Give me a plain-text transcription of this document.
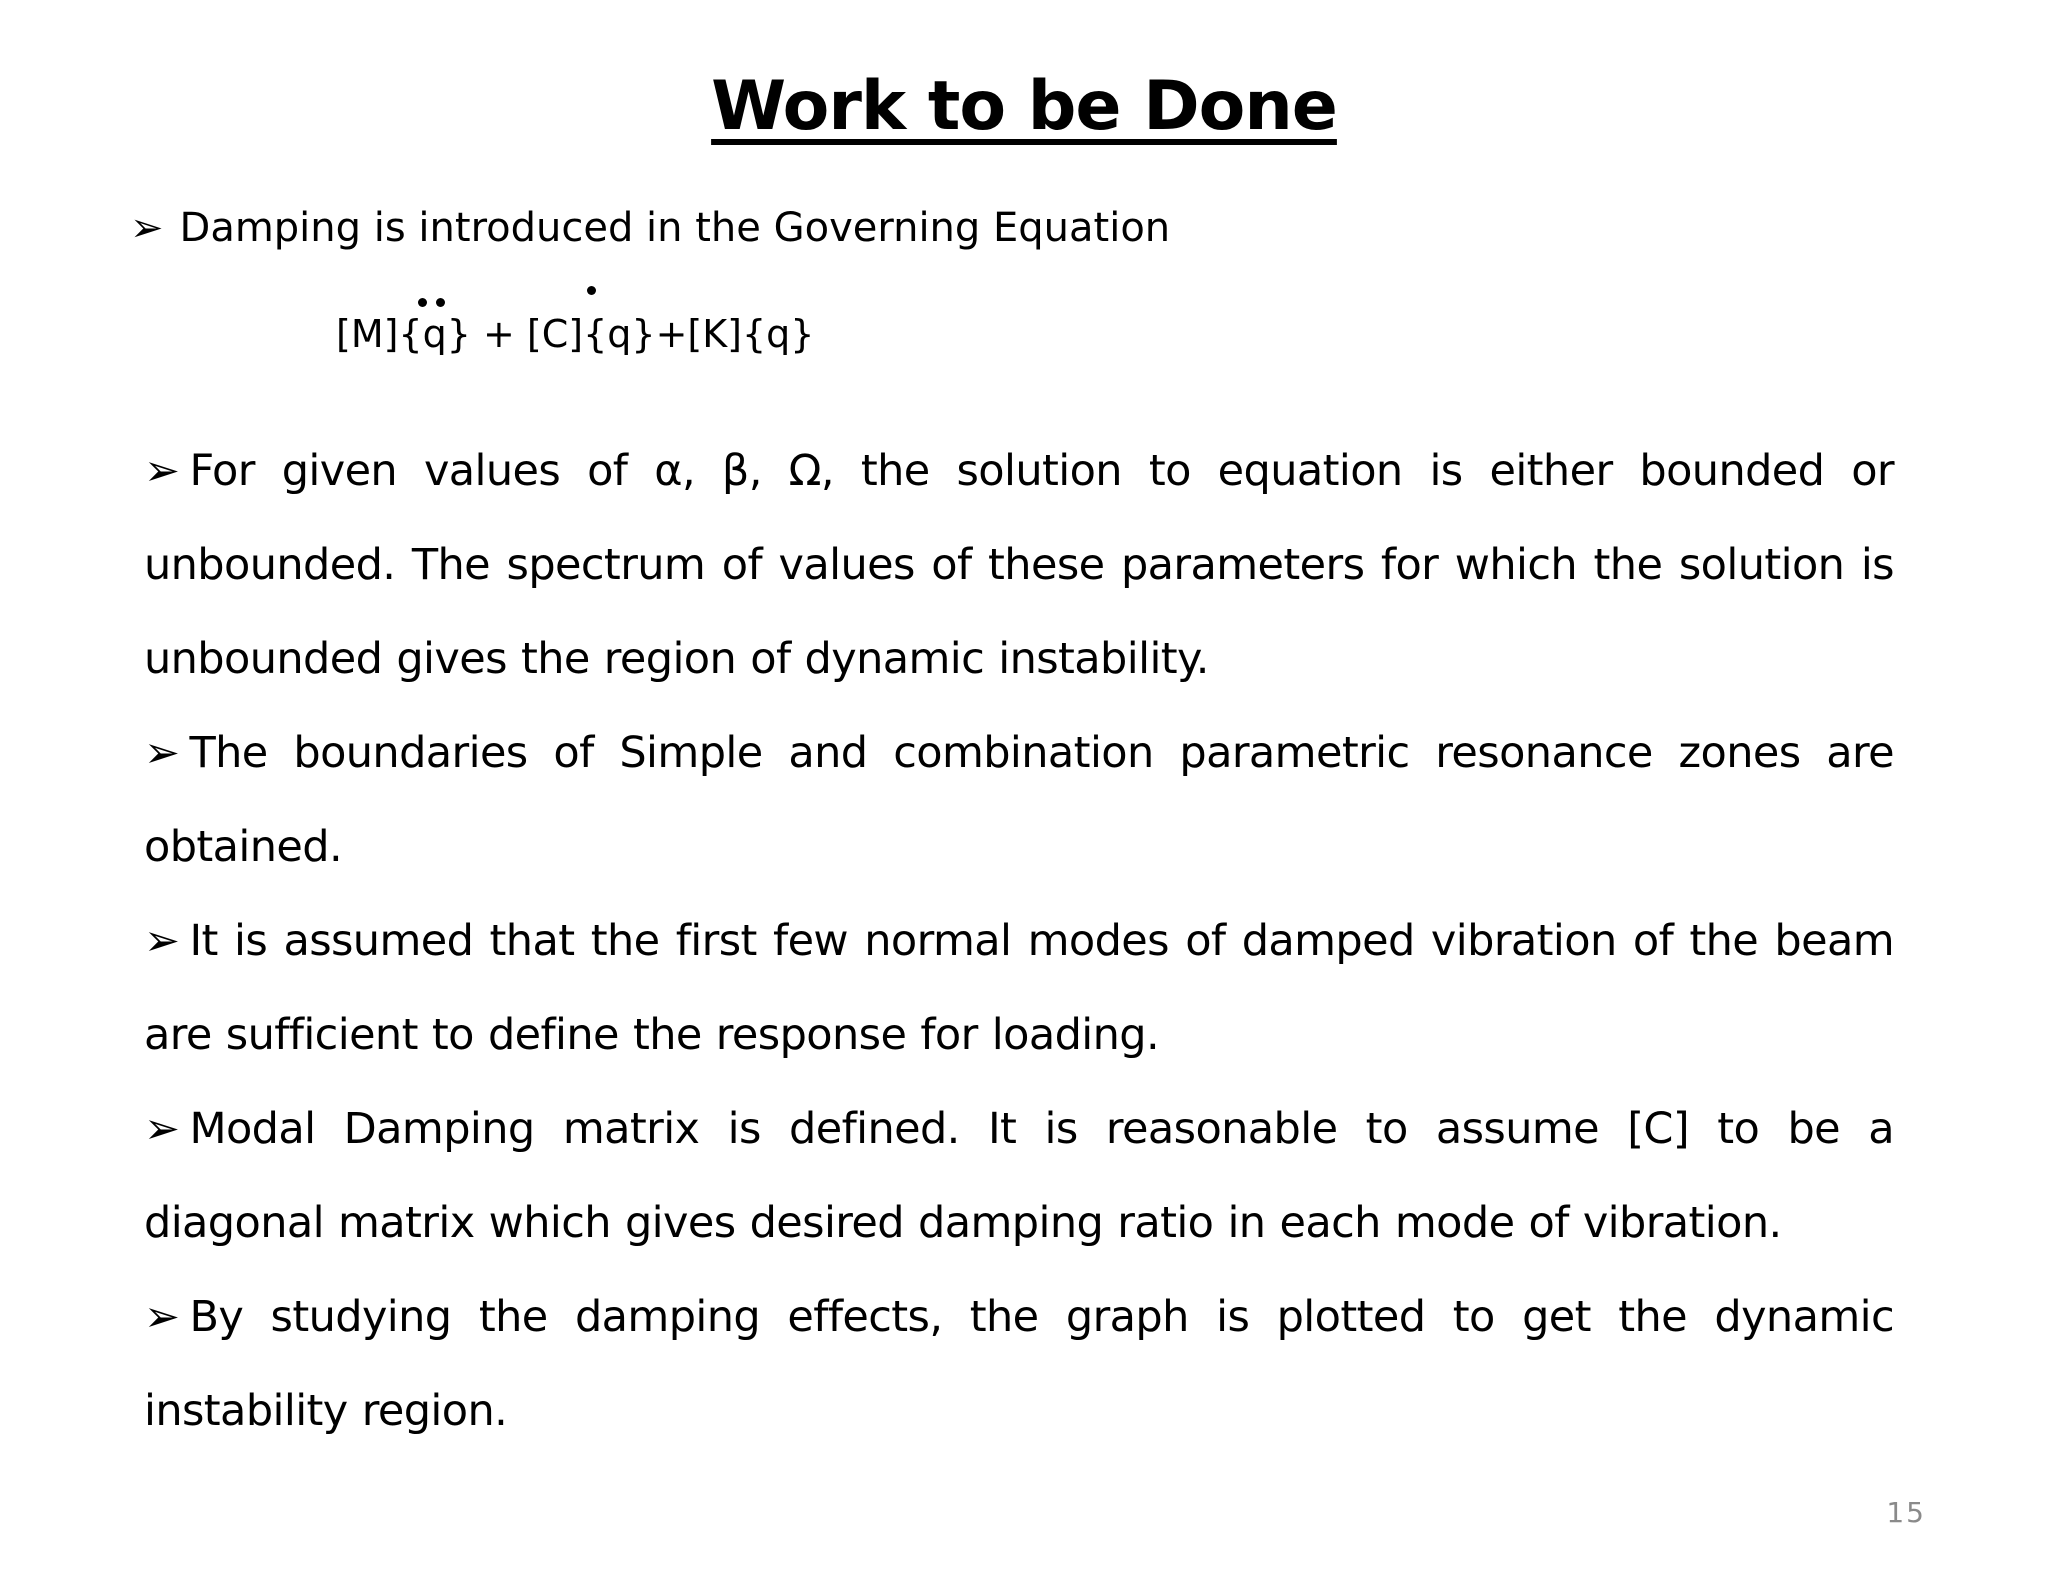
Work to be Done
➢ Damping is introduced in the Governing Equation
[M]{q} + [C]{q}+[K]{q}

➢ For given values of α, β, Ω, the solution to equation is either bounded or unbounded. The spectrum of values of these parameters for which the solution is unbounded gives the region of dynamic instability.

➢ The boundaries of Simple and combination parametric resonance zones are obtained.

➢ It is assumed that the first few normal modes of damped vibration of the beam are sufficient to define the response for loading.

➢ Modal Damping matrix is defined. It is reasonable to assume [C] to be a diagonal matrix which gives desired damping ratio in each mode of vibration.

➢ By studying the damping effects, the graph is plotted to get the dynamic instability region.

15
